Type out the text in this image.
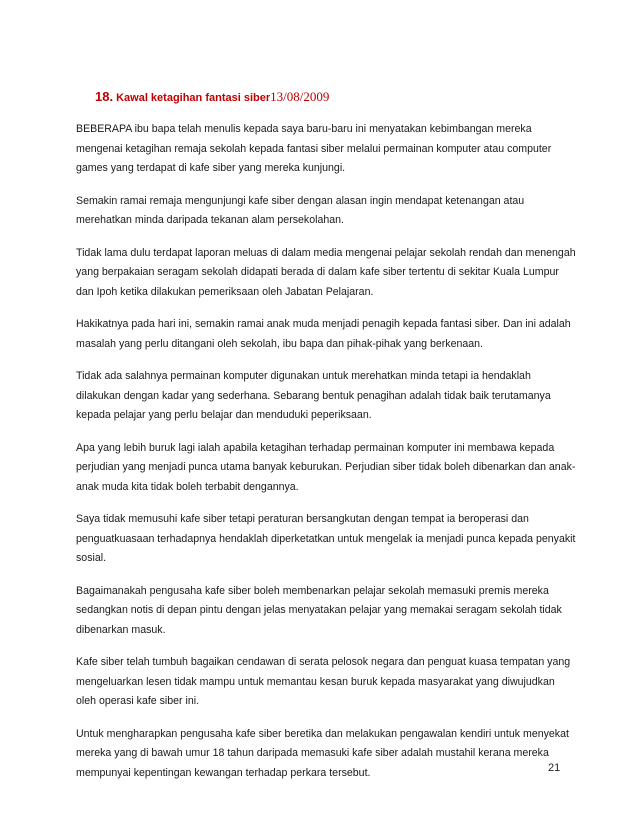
18. Kawal ketagihan fantasi siber13/08/2009

BEBERAPA ibu bapa telah menulis kepada saya baru-baru ini menyatakan kebimbangan mereka mengenai ketagihan remaja sekolah kepada fantasi siber melalui permainan komputer atau computer games yang terdapat di kafe siber yang mereka kunjungi.

Semakin ramai remaja mengunjungi kafe siber dengan alasan ingin mendapat ketenangan atau merehatkan minda daripada tekanan alam persekolahan.

Tidak lama dulu terdapat laporan meluas di dalam media mengenai pelajar sekolah rendah dan menengah yang berpakaian seragam sekolah didapati berada di dalam kafe siber tertentu di sekitar Kuala Lumpur dan Ipoh ketika dilakukan pemeriksaan oleh Jabatan Pelajaran.

Hakikatnya pada hari ini, semakin ramai anak muda menjadi penagih kepada fantasi siber. Dan ini adalah masalah yang perlu ditangani oleh sekolah, ibu bapa dan pihak-pihak yang berkenaan.

Tidak ada salahnya permainan komputer digunakan untuk merehatkan minda tetapi ia hendaklah dilakukan dengan kadar yang sederhana. Sebarang bentuk penagihan adalah tidak baik terutamanya kepada pelajar yang perlu belajar dan menduduki peperiksaan.

Apa yang lebih buruk lagi ialah apabila ketagihan terhadap permainan komputer ini membawa kepada perjudian yang menjadi punca utama banyak keburukan. Perjudian siber tidak boleh dibenarkan dan anak-anak muda kita tidak boleh terbabit dengannya.

Saya tidak memusuhi kafe siber tetapi peraturan bersangkutan dengan tempat ia beroperasi dan penguatkuasaan terhadapnya hendaklah diperketatkan untuk mengelak ia menjadi punca kepada penyakit sosial.

Bagaimanakah pengusaha kafe siber boleh membenarkan pelajar sekolah memasuki premis mereka sedangkan notis di depan pintu dengan jelas menyatakan pelajar yang memakai seragam sekolah tidak dibenarkan masuk.

Kafe siber telah tumbuh bagaikan cendawan di serata pelosok negara dan penguat kuasa tempatan yang mengeluarkan lesen tidak mampu untuk memantau kesan buruk kepada masyarakat yang diwujudkan oleh operasi kafe siber ini.

Untuk mengharapkan pengusaha kafe siber beretika dan melakukan pengawalan kendiri untuk menyekat mereka yang di bawah umur 18 tahun daripada memasuki kafe siber adalah mustahil kerana mereka mempunyai kepentingan kewangan terhadap perkara tersebut.	21
